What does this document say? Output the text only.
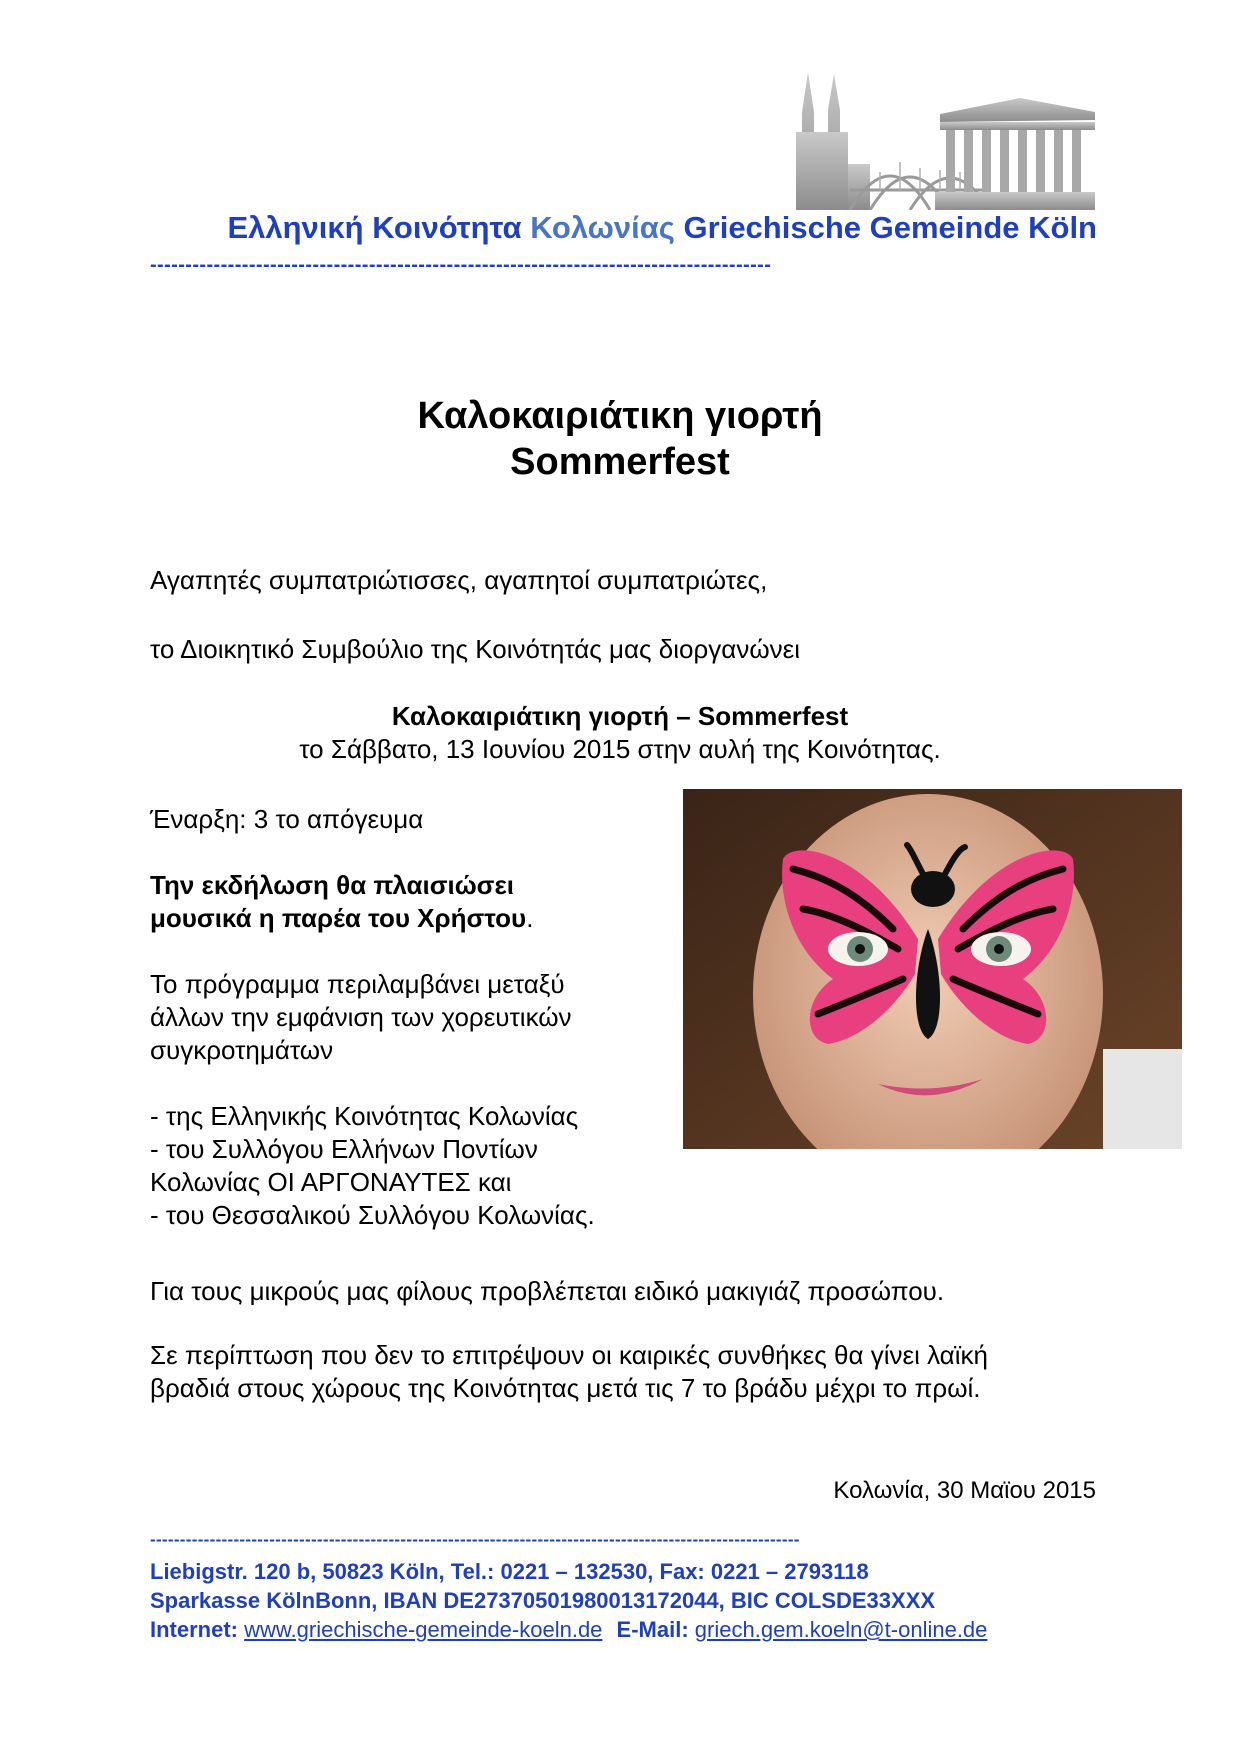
Ελληνική Κοινότητα Κολωνίας Griechische Gemeinde Köln
----------------------------------------------------------------------------------------
Καλοκαιριάτικη γιορτή
Sommerfest
Αγαπητές συμπατριώτισσες, αγαπητοί συμπατριώτες,
το Διοικητικό Συμβούλιο της Κοινότητάς μας διοργανώνει
Καλοκαιριάτικη γιορτή – Sommerfest
το Σάββατο, 13 Ιουνίου 2015 στην αυλή της Κοινότητας.
Έναρξη: 3 το απόγευμα
Την εκδήλωση θα πλαισιώσει
μουσικά η παρέα του Χρήστου.
Το πρόγραμμα περιλαμβάνει μεταξύ
άλλων την εμφάνιση των χορευτικών
συγκροτημάτων
- της Ελληνικής Κοινότητας Κολωνίας
- του Συλλόγου Ελλήνων Ποντίων
Κολωνίας ΟΙ ΑΡΓΟΝΑΥΤΕΣ και
- του Θεσσαλικού Συλλόγου Κολωνίας.
Για τους μικρούς μας φίλους προβλέπεται ειδικό μακιγιάζ προσώπου.
Σε περίπτωση που δεν το επιτρέψουν οι καιρικές συνθήκες θα γίνει λαϊκή
βραδιά στους χώρους της Κοινότητας μετά τις 7 το βράδυ μέχρι το πρωί.
Κολωνία, 30 Μαϊου 2015
-------------------------------------------------------------------------------------------------------------
Liebigstr. 120 b, 50823 Köln, Tel.: 0221 – 132530, Fax: 0221 – 2793118
Sparkasse KölnBonn, IBAN DE27370501980013172044, BIC COLSDE33XXX
Internet: www.griechische-gemeinde-koeln.de E-Mail: griech.gem.koeln@t-online.de
